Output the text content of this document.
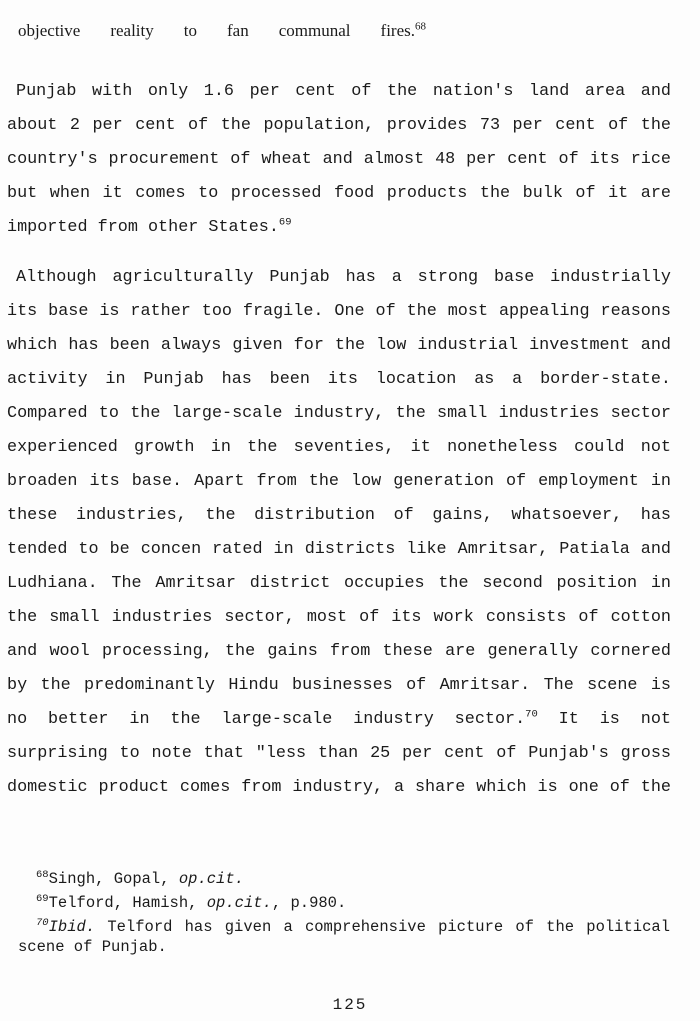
objective reality to fan communal fires.$^{68}$
Punjab with only 1.6 per cent of the nation's land area and
about 2 per cent of the population, provides 73 per cent of the
country's procurement of wheat and almost 48 per cent of its rice
but when it comes to processed food products the bulk of it are
imported from other States.$^{69}$
Although agriculturally Punjab has a strong base industrially
its base is rather too fragile. One of the most appealing reasons
which has been always given for the low industrial investment and
activity in Punjab has been its location as a border-state.
Compared to the large-scale industry, the small industries sector
experienced growth in the seventies, it nonetheless could not
broaden its base. Apart from the low generation of employment in
these industries, the distribution of gains, whatsoever, has
tended to be concen rated in districts like Amritsar, Patiala and
Ludhiana. The Amritsar district occupies the second position in
the small industries sector, most of its work consists of cotton
and wool processing, the gains from these are generally cornered
by the predominantly Hindu businesses of Amritsar. The scene is
no better in the large-scale industry sector.$^{70}$ It is not
surprising to note that "less than 25 per cent of Punjab's gross
domestic product comes from industry, a share which is one of the
$^{68}$Singh, Gopal, op.cit.
$^{69}$Telford, Hamish, op.cit., p.980.
$^{70}$Ibid. Telford has given a comprehensive picture of the political scene of Punjab.
125
